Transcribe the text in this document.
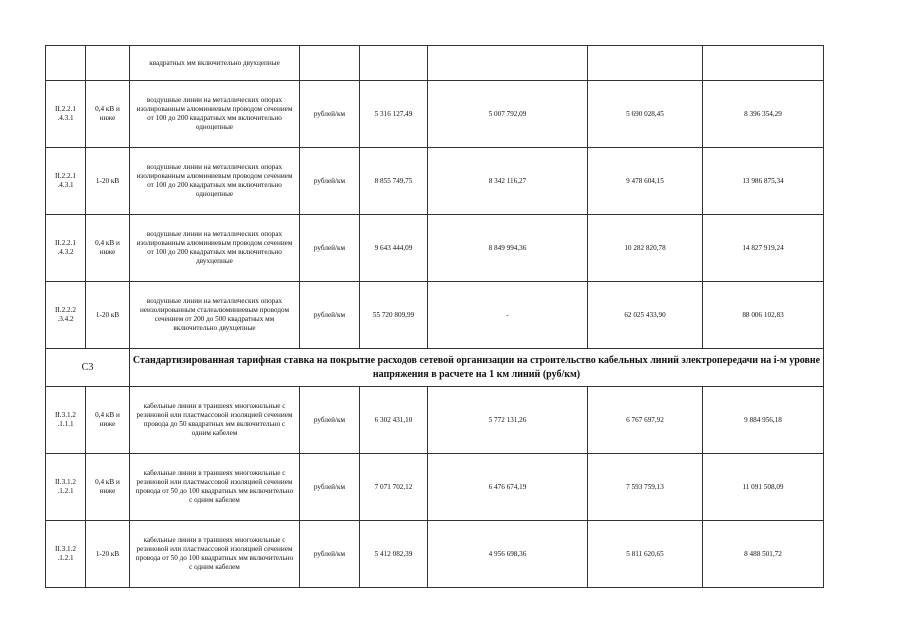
		квадратных мм включительно двухцепные					
II.2.2.1 .4.3.1	0,4 кВ и ниже	воздушные линии на металлических опорах изолированным алюминиевым проводом сечением от 100 до 200 квадратных мм включительно одноцепные	рублей/км	5 316 127,49	5 007 792,09	5 690 028,45	8 396 354,29
II.2.2.1 .4.3.1	1-20 кВ	воздушные линии на металлических опорах изолированным алюминиевым проводом сечением от 100 до 200 квадратных мм включительно одноцепные	рублей/км	8 855 749,75	8 342 116,27	9 478 604,15	13 986 875,34
II.2.2.1 .4.3.2	0,4 кВ и ниже	воздушные линии на металлических опорах изолированным алюминиевым проводом сечением от 100 до 200 квадратных мм включительно двухцепные	рублей/км	9 643 444,09	8 849 994,36	10 282 820,78	14 827 919,24
II.2.2.2 .3.4.2	1-20 кВ	воздушные линии на металлических опорах неизолированным сталеалюминиевым проводом сечением от 200 до 500 квадратных мм включительно двухцепные	рублей/км	55 720 809,99	-	62 025 433,90	88 006 102,83
С3		Стандартизированная тарифная ставка на покрытие расходов сетевой организации на строительство кабельных линий электропередачи на i-м уровне напряжения в расчете на 1 км линий (руб/км)					
II.3.1.2 .1.1.1	0,4 кВ и ниже	кабельные линии в траншеях многожильные с резиновой или пластмассовой изоляцией сечением провода до 50 квадратных мм включительно с одним кабелем	рублей/км	6 302 431,10	5 772 131,26	6 767 697,92	9 884 956,18
II.3.1.2 .1.2.1	0,4 кВ и ниже	кабельные линии в траншеях многожильные с резиновой или пластмассовой изоляцией сечением провода от 50 до 100 квадратных мм включительно с одним кабелем	рублей/км	7 071 702,12	6 476 674,19	7 593 759,13	11 091 508,09
II.3.1.2 .1.2.1	1-20 кВ	кабельные линии в траншеях многожильные с резиновой или пластмассовой изоляцией сечением провода от 50 до 100 квадратных мм включительно с одним кабелем	рублей/км	5 412 082,39	4 956 698,36	5 811 620,65	8 488 501,72
